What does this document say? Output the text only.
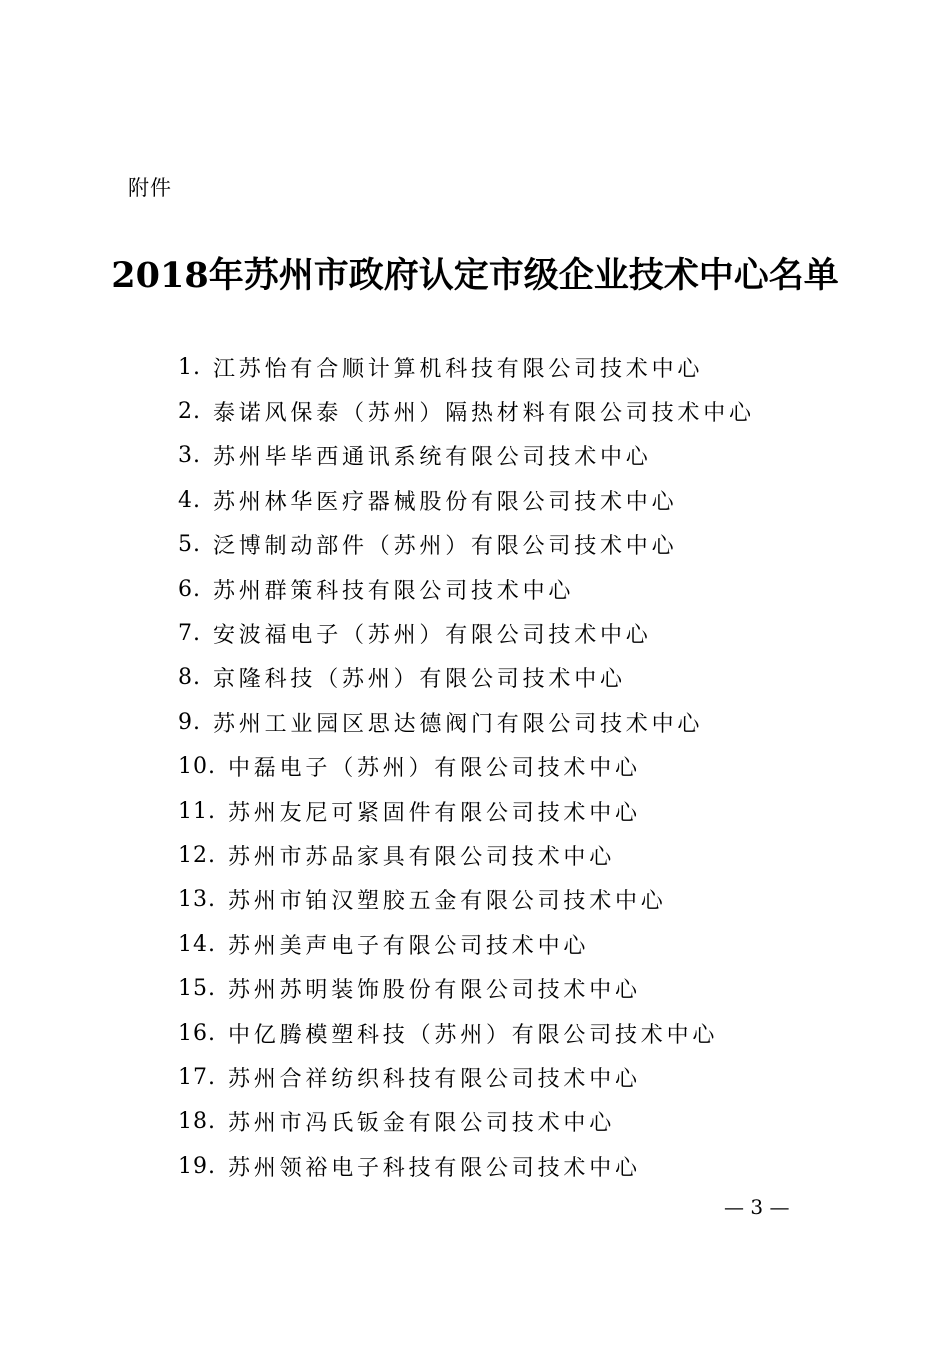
附件
2018年苏州市政府认定市级企业技术中心名单
1. 江苏怡有合顺计算机科技有限公司技术中心
2. 泰诺风保泰（苏州）隔热材料有限公司技术中心
3. 苏州毕毕西通讯系统有限公司技术中心
4. 苏州林华医疗器械股份有限公司技术中心
5. 泛博制动部件（苏州）有限公司技术中心
6. 苏州群策科技有限公司技术中心
7. 安波福电子（苏州）有限公司技术中心
8. 京隆科技（苏州）有限公司技术中心
9. 苏州工业园区思达德阀门有限公司技术中心
10. 中磊电子（苏州）有限公司技术中心
11. 苏州友尼可紧固件有限公司技术中心
12. 苏州市苏品家具有限公司技术中心
13. 苏州市铂汉塑胶五金有限公司技术中心
14. 苏州美声电子有限公司技术中心
15. 苏州苏明装饰股份有限公司技术中心
16. 中亿腾模塑科技（苏州）有限公司技术中心
17. 苏州合祥纺织科技有限公司技术中心
18. 苏州市冯氏钣金有限公司技术中心
19. 苏州领裕电子科技有限公司技术中心
— 3 —
